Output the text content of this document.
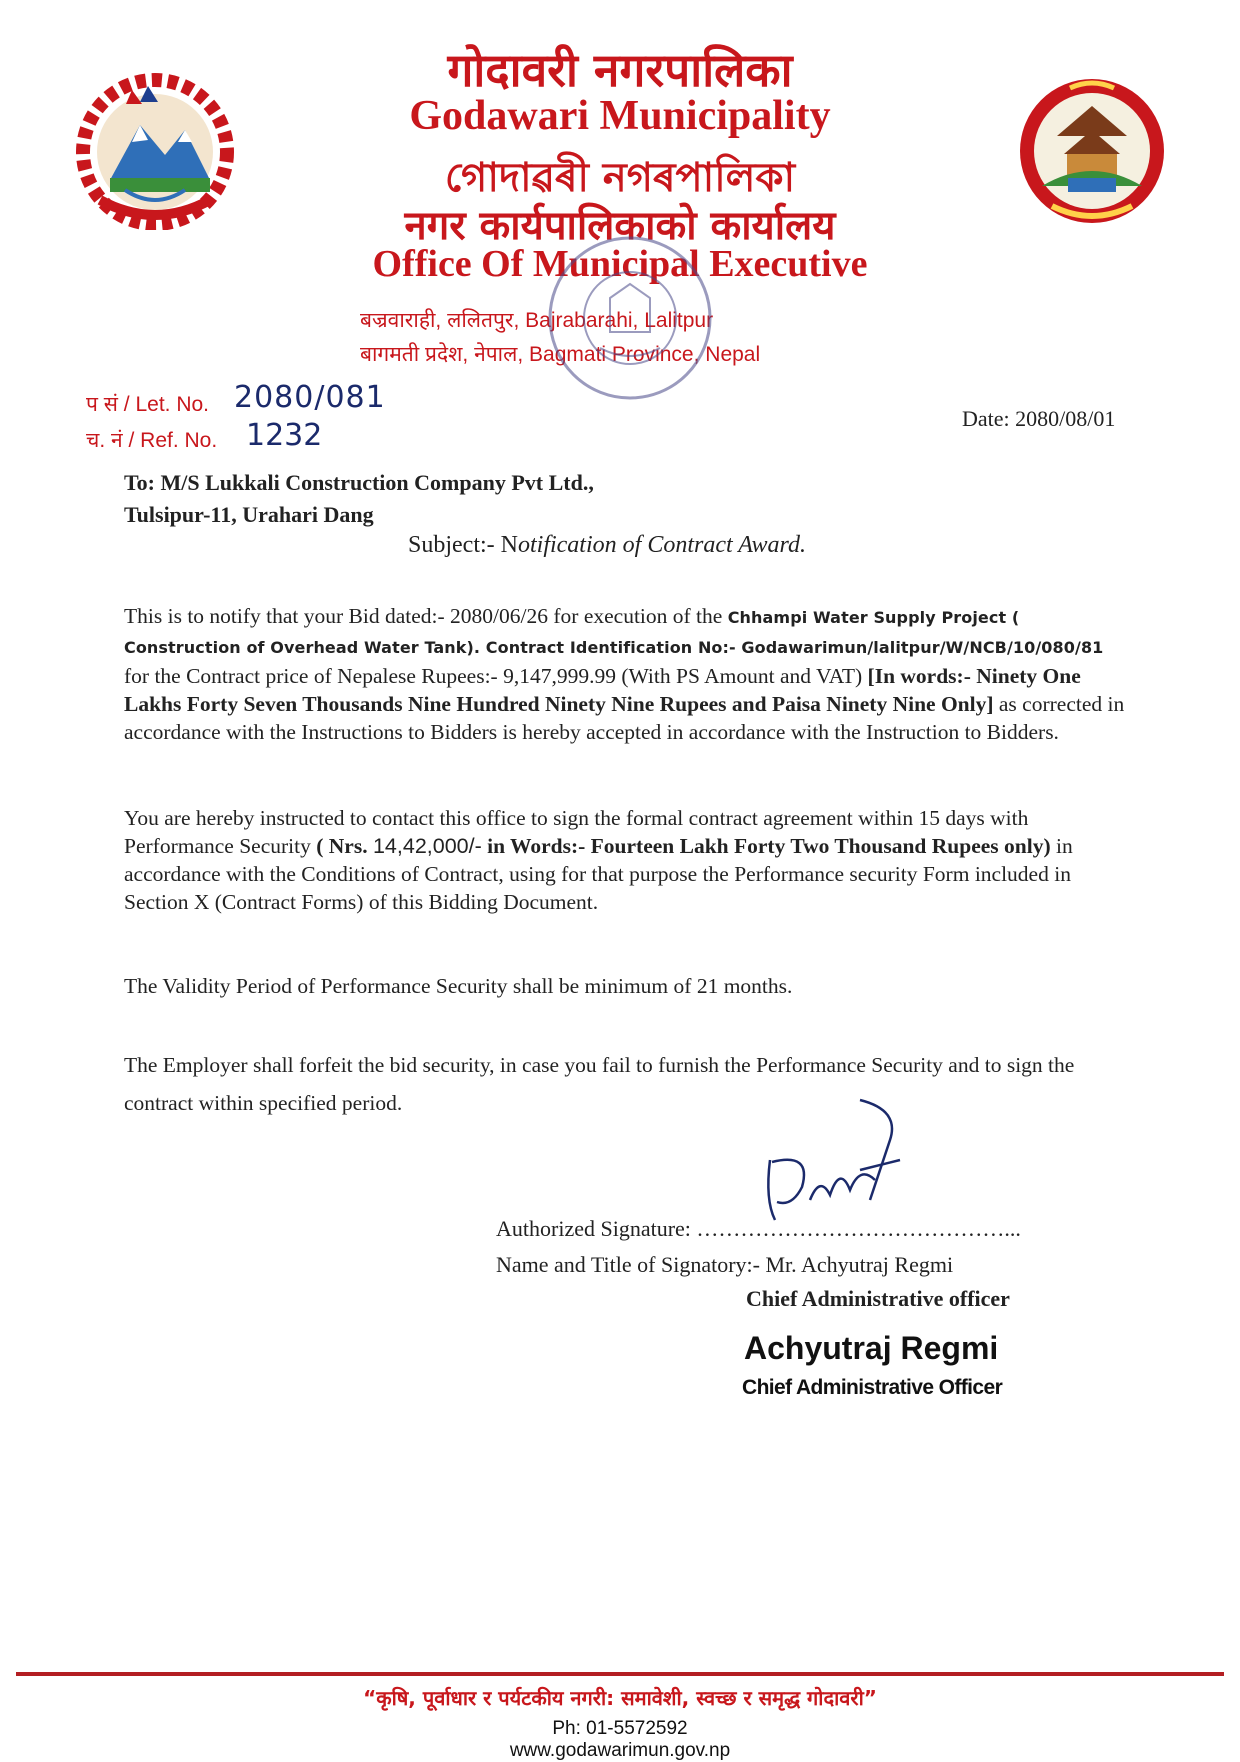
गोदावरी नगरपालिका
Godawari Municipality
গোদাৱৰী নগৰপালিকা
नगर कार्यपालिकाको कार्यालय
Office Of Municipal Executive
बज्रवाराही, ललितपुर, Bajrabarahi, Lalitpur
बागमती प्रदेश, नेपाल, Bagmati Province, Nepal
प सं / Let. No. 2080/081
च. नं / Ref. No. 1232	Date: 2080/08/01
To: M/S Lukkali Construction Company Pvt Ltd.,
Tulsipur-11, Urahari Dang
Subject:- Notification of Contract Award.
This is to notify that your Bid dated:- 2080/06/26 for execution of the Chhampi Water Supply Project ( Construction of Overhead Water Tank). Contract Identification No:- Godawarimun/lalitpur/W/NCB/10/080/81 for the Contract price of Nepalese Rupees:- 9,147,999.99 (With PS Amount and VAT) [In words:- Ninety One Lakhs Forty Seven Thousands Nine Hundred Ninety Nine Rupees and Paisa Ninety Nine Only] as corrected in accordance with the Instructions to Bidders is hereby accepted in accordance with the Instruction to Bidders.
You are hereby instructed to contact this office to sign the formal contract agreement within 15 days with Performance Security ( Nrs. 14,42,000/- in Words:- Fourteen Lakh Forty Two Thousand Rupees only) in accordance with the Conditions of Contract, using for that purpose the Performance security Form included in Section X (Contract Forms) of this Bidding Document.
The Validity Period of Performance Security shall be minimum of 21 months.
The Employer shall forfeit the bid security, in case you fail to furnish the Performance Security and to sign the contract within specified period.
Authorized Signature: ……………………………………...
Name and Title of Signatory:- Mr. Achyutraj Regmi
Chief Administrative officer
Achyutraj Regmi
Chief Administrative Officer
“कृषि, पूर्वाधार र पर्यटकीय नगरी: समावेशी, स्वच्छ र समृद्ध गोदावरी”
Ph: 01-5572592
www.godawarimun.gov.np
